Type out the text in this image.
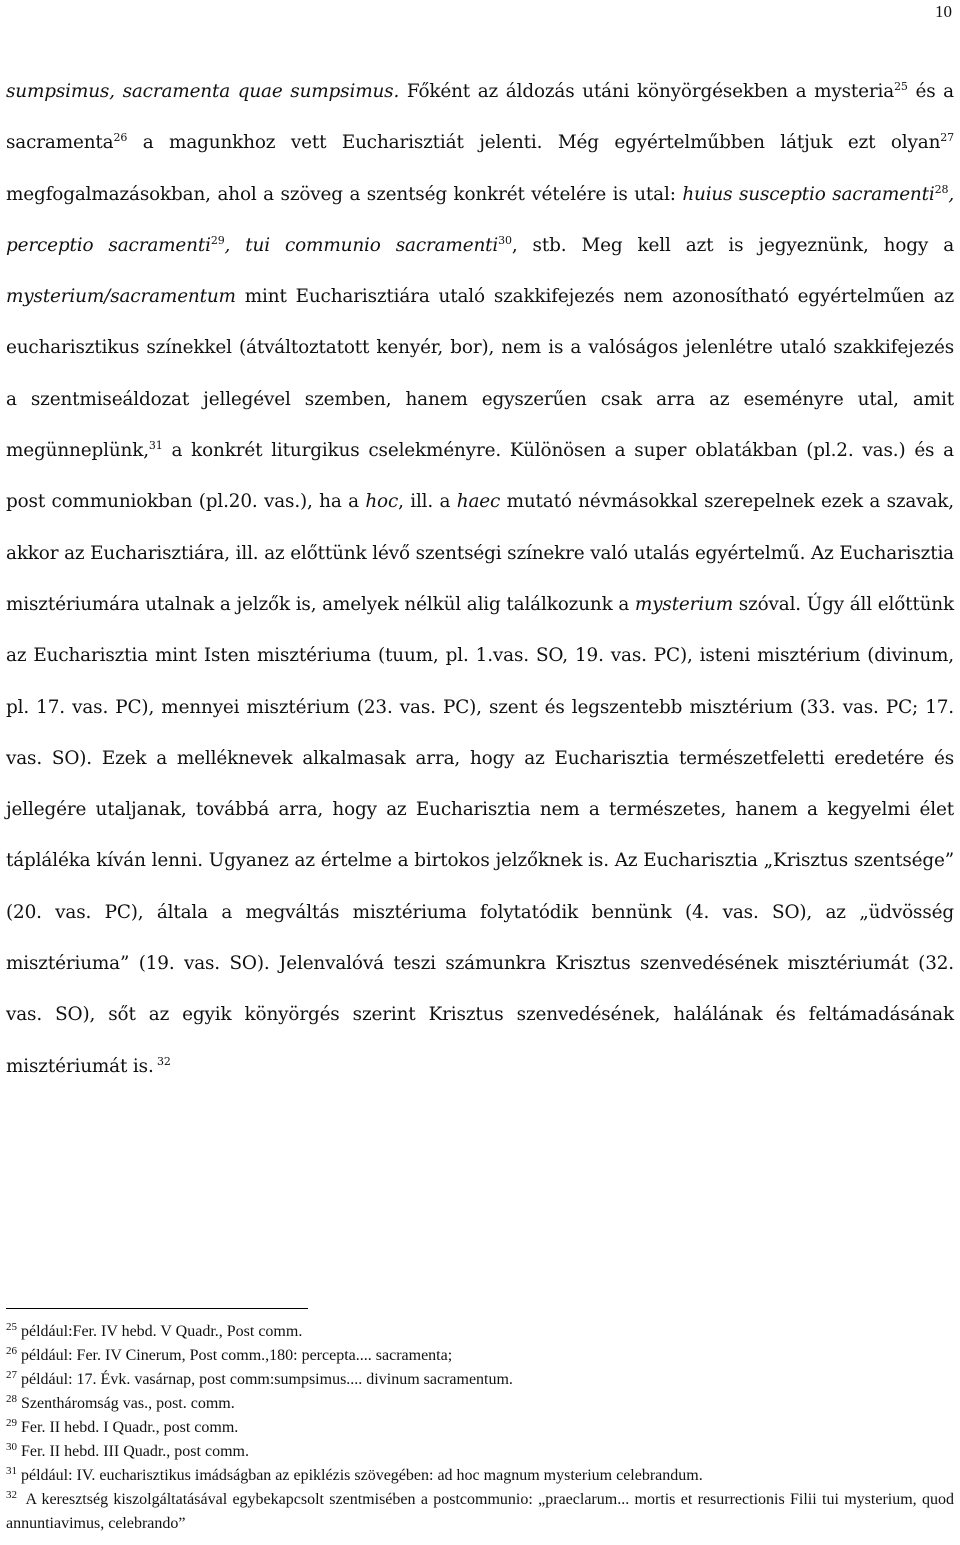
10

sumpsimus, sacramenta quae sumpsimus. Főként az áldozás utáni könyörgésekben a mysteria$^{25}$ és a sacramenta$^{26}$ a magunkhoz vett Eucharisztiát jelenti. Még egyértelműbben látjuk ezt olyan$^{27}$ megfogalmazásokban, ahol a szöveg a szentség konkrét vételére is utal: huius susceptio sacramenti$^{28}$, perceptio sacramenti$^{29}$, tui communio sacramenti$^{30}$, stb. Meg kell azt is jegyeznünk, hogy a mysterium/sacramentum mint Eucharisztiára utaló szakkifejezés nem azonosítható egyértelműen az eucharisztikus színekkel (átváltoztatott kenyér, bor), nem is a valóságos jelenlétre utaló szakkifejezés a szentmiseáldozat jellegével szemben, hanem egyszerűen csak arra az eseményre utal, amit megünneplünk,$^{31}$ a konkrét liturgikus cselekményre. Különösen a super oblatákban (pl.2. vas.) és a post communiokban (pl.20. vas.), ha a hoc, ill. a haec mutató névmásokkal szerepelnek ezek a szavak, akkor az Eucharisztiára, ill. az előttünk lévő szentségi színekre való utalás egyértelmű. Az Eucharisztia misztériumára utalnak a jelzők is, amelyek nélkül alig találkozunk a mysterium szóval. Úgy áll előttünk az Eucharisztia mint Isten misztériuma (tuum, pl. 1.vas. SO, 19. vas. PC), isteni misztérium (divinum, pl. 17. vas. PC), mennyei misztérium (23. vas. PC), szent és legszentebb misztérium (33. vas. PC; 17. vas. SO). Ezek a melléknevek alkalmasak arra, hogy az Eucharisztia természetfeletti eredetére és jellegére utaljanak, továbbá arra, hogy az Eucharisztia nem a természetes, hanem a kegyelmi élet tápláléka kíván lenni. Ugyanez az értelme a birtokos jelzőknek is. Az Eucharisztia „Krisztus szentsége” (20. vas. PC), általa a megváltás misztériuma folytatódik bennünk (4. vas. SO), az „üdvösség misztériuma” (19. vas. SO). Jelenvalóvá teszi számunkra Krisztus szenvedésének misztériumát (32. vas. SO), sőt az egyik könyörgés szerint Krisztus szenvedésének, halálának és feltámadásának misztériumát is. $^{32}$

$^{25}$ például:Fer. IV hebd. V Quadr., Post comm.

$^{26}$ például: Fer. IV Cinerum, Post comm.,180: percepta.... sacramenta;

$^{27}$ például: 17. Évk. vasárnap, post comm:sumpsimus.... divinum sacramentum.

$^{28}$ Szentháromság vas., post. comm.

$^{29}$ Fer. II hebd. I Quadr., post comm.

$^{30}$ Fer. II hebd. III Quadr., post comm.

$^{31}$ például: IV. eucharisztikus imádságban az epiklézis szövegében: ad hoc magnum mysterium celebrandum.

$^{32}$ A keresztség kiszolgáltatásával egybekapcsolt szentmisében a postcommunio: „praeclarum... mortis et resurrectionis Filii tui mysterium, quod annuntiavimus, celebrando”
